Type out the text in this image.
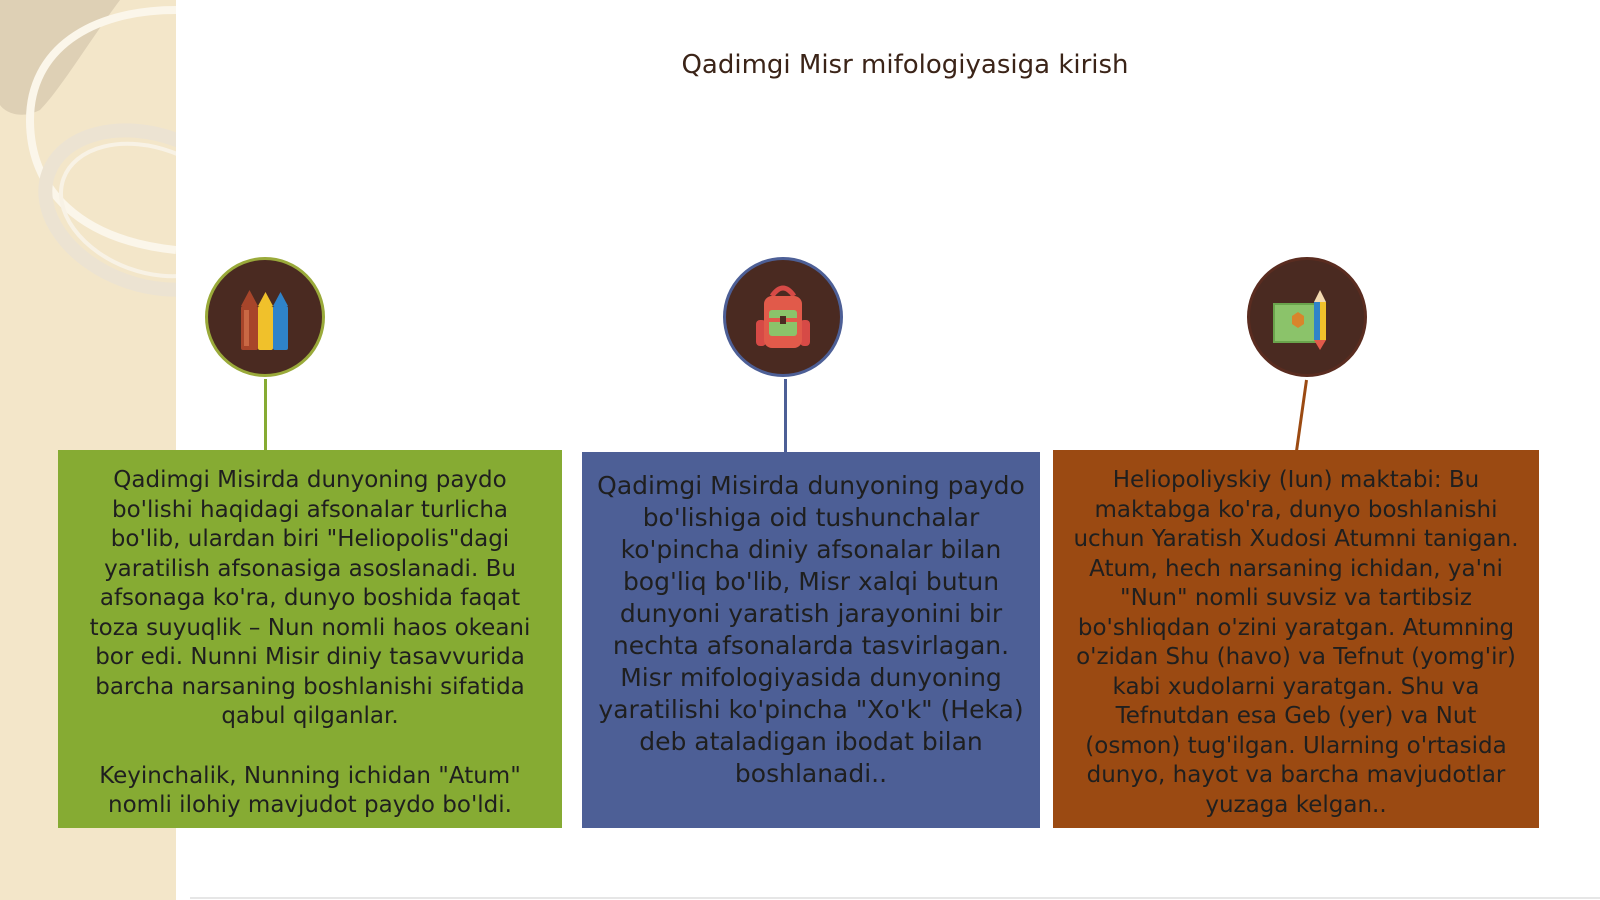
Qadimgi Misr mifologiyasiga kirish

Qadimgi Misirda dunyoning paydo bo'lishi haqidagi afsonalar turlicha bo'lib, ulardan biri "Heliopolis"dagi yaratilish afsonasiga asoslanadi. Bu afsonaga ko'ra, dunyo boshida faqat toza suyuqlik – Nun nomli haos okeani bor edi. Nunni Misir diniy tasavvurida barcha narsaning boshlanishi sifatida qabul qilganlar.

Keyinchalik, Nunning ichidan "Atum" nomli ilohiy mavjudot paydo bo'ldi.

Qadimgi Misirda dunyoning paydo bo'lishiga oid tushunchalar ko'pincha diniy afsonalar bilan bog'liq bo'lib, Misr xalqi butun dunyoni yaratish jarayonini bir nechta afsonalarda tasvirlagan. Misr mifologiyasida dunyoning yaratilishi ko'pincha "Xo'k" (Heka) deb ataladigan ibodat bilan boshlanadi..

Heliopoliyskiy (Iun) maktabi: Bu maktabga ko'ra, dunyo boshlanishi uchun Yaratish Xudosi Atumni tanigan. Atum, hech narsaning ichidan, ya'ni "Nun" nomli suvsiz va tartibsiz bo'shliqdan o'zini yaratgan. Atumning o'zidan Shu (havo) va Tefnut (yomg'ir) kabi xudolarni yaratgan. Shu va Tefnutdan esa Geb (yer) va Nut (osmon) tug'ilgan. Ularning o'rtasida dunyo, hayot va barcha mavjudotlar yuzaga kelgan..
